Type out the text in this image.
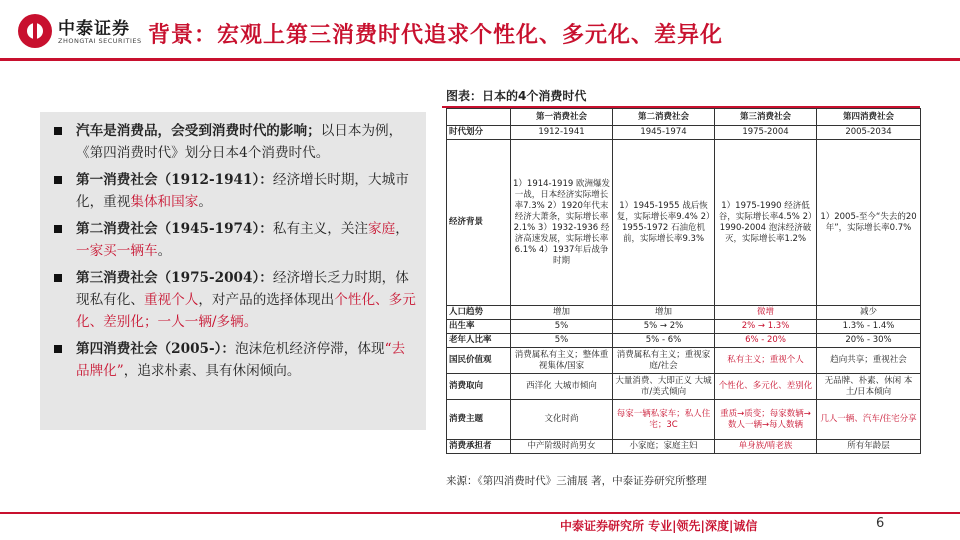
中泰证券
ZHONGTAI SECURITIES 背景：宏观上第三消费时代追求个性化、多元化、差异化
汽车是消费品，会受到消费时代的影响；以日本为例，《第四消费时代》划分日本4个消费时代。
第一消费社会（1912-1941）：经济增长时期，大城市化，重视集体和国家。
第二消费社会（1945-1974）：私有主义，关注家庭，一家买一辆车。
第三消费社会（1975-2004）：经济增长乏力时期，体现私有化、重视个人，对产品的选择体现出个性化、多元化、差别化；一人一辆/多辆。
第四消费社会（2005-）：泡沫危机经济停滞，体现“去品牌化”，追求朴素、具有休闲倾向。
图表：日本的4个消费时代
	第一消费社会	第二消费社会	第三消费社会	第四消费社会
时代划分	1912-1941	1945-1974	1975-2004	2005-2034
经济背景	1）1914-1919 欧洲爆发一战，日本经济实际增长率7.3% 2）1920年代末经济大萧条，实际增长率2.1% 3）1932-1936 经济高速发展，实际增长率6.1% 4）1937年后战争时期	1）1945-1955 战后恢复，实际增长率9.4% 2）1955-1972 石油危机前，实际增长率9.3%	1）1975-1990 经济低谷，实际增长率4.5% 2）1990-2004 泡沫经济破灭，实际增长率1.2%	1）2005-至今“失去的20年”，实际增长率0.7%
人口趋势	增加	增加	微增	减少
出生率	5%	5% → 2%	2% → 1.3%	1.3% - 1.4%
老年人比率	5%	5% - 6%	6% - 20%	20% - 30%
国民价值观	消费属私有主义；整体重视集体/国家	消费属私有主义；重视家庭/社会	私有主义；重视个人	趋向共享；重视社会
消费取向	西洋化 大城市倾向	大量消费、大即正义 大城市/美式倾向	个性化、多元化、差别化	无品牌、朴素、休闲 本土/日本倾向
消费主题	文化时尚	每家一辆私家车；私人住宅；3C	重质→质变；每家数辆→数人一辆→每人数辆	几人一辆、汽车/住宅分享
消费承担者	中产阶级时尚男女	小家庭；家庭主妇	单身族/啃老族	所有年龄层
来源：《第四消费时代》三浦展 著，中泰证券研究所整理
中泰证券研究所 专业|领先|深度|诚信	6
